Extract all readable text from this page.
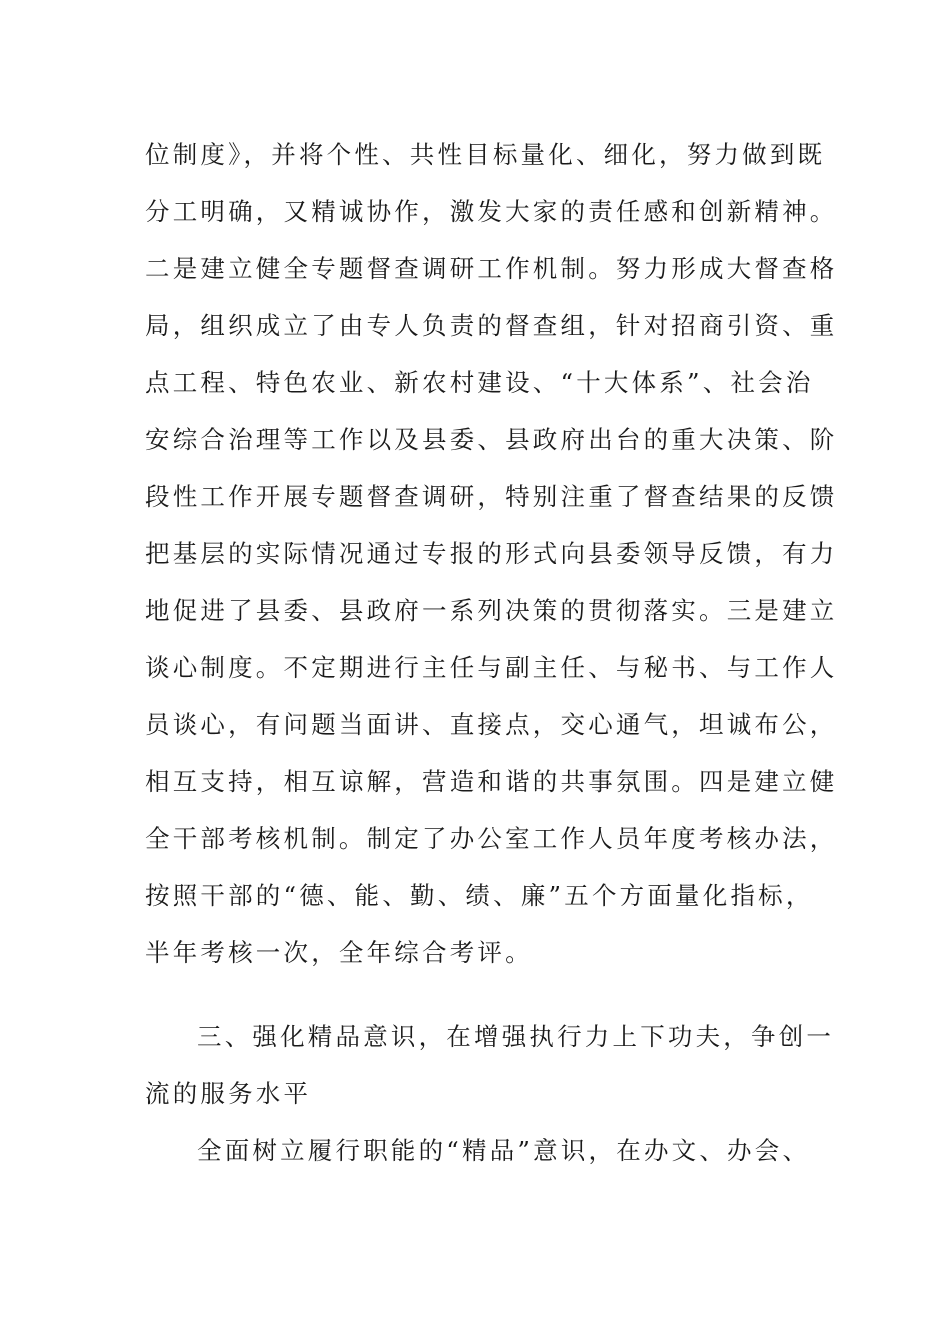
位制度》，并将个性、共性目标量化、细化，努力做到既
分工明确，又精诚协作，激发大家的责任感和创新精神。
二是建立健全专题督查调研工作机制。努力形成大督查格
局，组织成立了由专人负责的督查组，针对招商引资、重
点工程、特色农业、新农村建设、“十大体系”、社会治
安综合治理等工作以及县委、县政府出台的重大决策、阶
段性工作开展专题督查调研，特别注重了督查结果的反馈
把基层的实际情况通过专报的形式向县委领导反馈，有力
地促进了县委、县政府一系列决策的贯彻落实。三是建立
谈心制度。不定期进行主任与副主任、与秘书、与工作人
员谈心，有问题当面讲、直接点，交心通气，坦诚布公，
相互支持，相互谅解，营造和谐的共事氛围。四是建立健
全干部考核机制。制定了办公室工作人员年度考核办法，
按照干部的“德、能、勤、绩、廉”五个方面量化指标，
半年考核一次，全年综合考评。
三、强化精品意识，在增强执行力上下功夫，争创一
流的服务水平
全面树立履行职能的“精品”意识，在办文、办会、
